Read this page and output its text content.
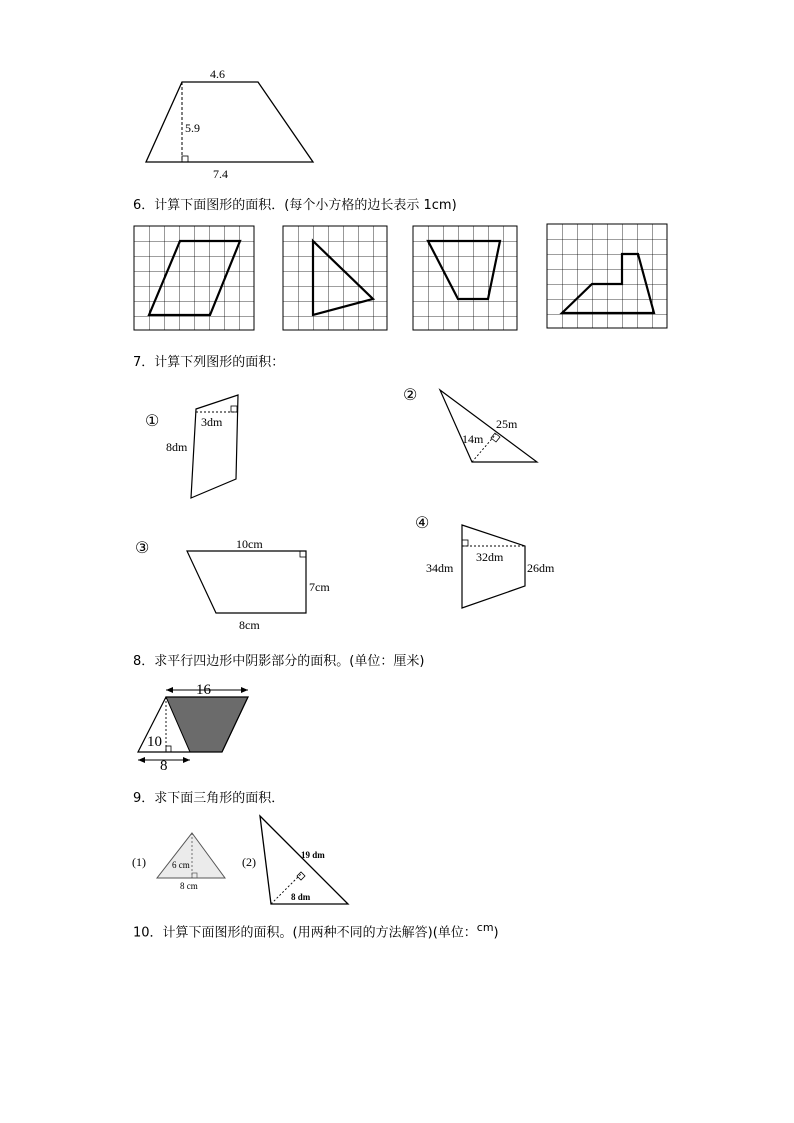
4.6
5.9
7.4
6．计算下面图形的面积．(每个小方格的边长表示 1cm)
7．计算下列图形的面积：
①	3dm
8dm
②
25m
14m
③	10cm
7cm
8cm
④
34dm
32dm
26dm
8．求平行四边形中阴影部分的面积。(单位：厘米)
16
10
8
9．求下面三角形的面积．
(1)	6 cm
8 cm
(2)	19 dm
8 dm
10．计算下面图形的面积。(用两种不同的方法解答)(单位：$^{cm}$)
